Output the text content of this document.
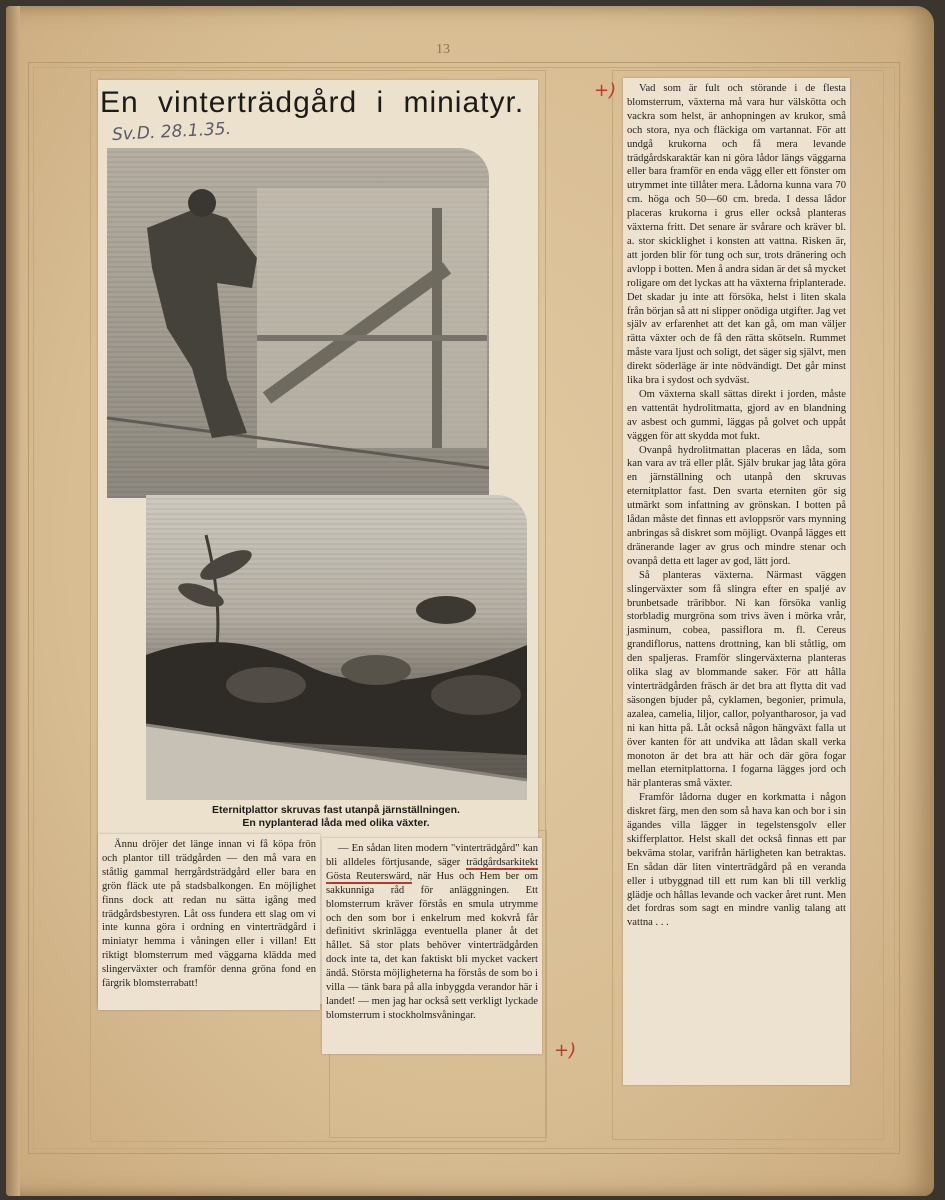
13
En vinterträdgård i miniatyr.
Sv.D. 28.1.35.
Eternitplattor skruvas fast utanpå järnställningen.
En nyplanterad låda med olika växter.

Ännu dröjer det länge innan vi få köpa frön och plantor till trädgården — den må vara en ståtlig gammal herrgårdsträdgård eller bara en grön fläck ute på stadsbalkongen. En möjlighet finns dock att redan nu sätta igång med trädgårdsbestyren. Låt oss fundera ett slag om vi inte kunna göra i ordning en vinterträdgård i miniatyr hemma i våningen eller i villan! Ett riktigt blomsterrum med väggarna klädda med slingerväxter och framför denna gröna fond en färgrik blomsterrabatt!

— En sådan liten modern "vinterträdgård" kan bli alldeles förtjusande, säger trädgårdsarkitekt Gösta Reuterswärd, när Hus och Hem ber om sakkunniga råd för anläggningen. Ett blomsterrum kräver förstås en smula utrymme och den som bor i enkelrum med kokvrå får definitivt skrinlägga eventuella planer åt det hållet. Så stor plats behöver vinterträdgården dock inte ta, det kan faktiskt bli mycket vackert ändå. Största möjligheterna ha förstås de som bo i villa — tänk bara på alla inbyggda verandor här i landet! — men jag har också sett verkligt lyckade blomsterrum i stockholmsvåningar.

Vad som är fult och störande i de flesta blomsterrum, växterna må vara hur välskötta och vackra som helst, är anhopningen av krukor, små och stora, nya och fläckiga om vartannat. För att undgå krukorna och få mera levande trädgårdskaraktär kan ni göra lådor längs väggarna eller bara framför en enda vägg eller ett fönster om utrymmet inte tillåter mera. Lådorna kunna vara 70 cm. höga och 50—60 cm. breda. I dessa lådor placeras krukorna i grus eller också planteras växterna fritt. Det senare är svårare och kräver bl. a. stor skicklighet i konsten att vattna. Risken är, att jorden blir för tung och sur, trots dränering och avlopp i botten. Men å andra sidan är det så mycket roligare om det lyckas att ha växterna friplanterade. Det skadar ju inte att försöka, helst i liten skala från början så att ni slipper onödiga utgifter. Jag vet själv av erfarenhet att det kan gå, om man väljer rätta växter och de få den rätta skötseln. Rummet måste vara ljust och soligt, det säger sig självt, men direkt söderläge är inte nödvändigt. Det går minst lika bra i sydost och sydväst.

Om växterna skall sättas direkt i jorden, måste en vattentät hydrolitmatta, gjord av en blandning av asbest och gummi, läggas på golvet och uppåt väggen för att skydda mot fukt.

Ovanpå hydrolitmattan placeras en låda, som kan vara av trä eller plåt. Själv brukar jag låta göra en järnställning och utanpå den skruvas eternitplattor fast. Den svarta eterniten gör sig utmärkt som infattning av grönskan. I botten på lådan måste det finnas ett avloppsrör vars mynning anbringas så diskret som möjligt. Ovanpå lägges ett dränerande lager av grus och mindre stenar och ovanpå detta ett lager av god, lätt jord.

Så planteras växterna. Närmast väggen slingerväxter som få slingra efter en spaljé av brunbetsade träribbor. Ni kan försöka vanlig storbladig murgröna som trivs även i mörka vrår, jasminum, cobea, passiflora m. fl. Cereus grandiflorus, nattens drottning, kan bli ståtlig, om den spaljeras. Framför slingerväxterna planteras olika slag av blommande saker. För att hålla vinterträdgården fräsch är det bra att flytta dit vad säsongen bjuder på, cyklamen, begonier, primula, azalea, camelia, liljor, callor, polyantharosor, ja vad ni kan hitta på. Låt också någon hängväxt falla ut över kanten för att undvika att lådan skall verka monoton är det bra att här och där göra fogar mellan eternitplattorna. I fogarna lägges jord och här planteras små växter.

Framför lådorna duger en korkmatta i någon diskret färg, men den som så hava kan och bor i sin ägandes villa lägger in tegelstensgolv eller skifferplattor. Helst skall det också finnas ett par bekväma stolar, varifrån härligheten kan betraktas. En sådan där liten vinterträdgård på en veranda eller i utbyggnad till ett rum kan bli till verklig glädje och hållas levande och vacker året runt. Men det fordras som sagt en mindre vanlig talang att vattna . . .

+)
+)
